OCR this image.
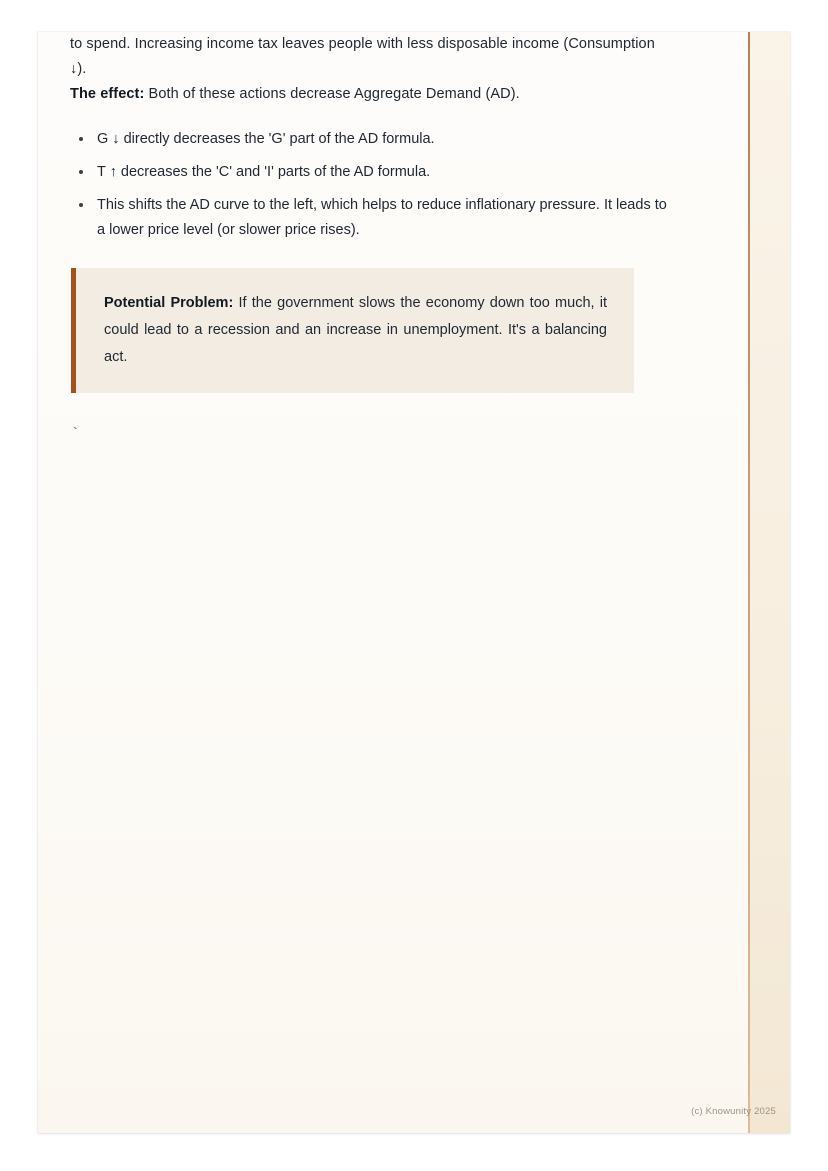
to spend. Increasing income tax leaves people with less disposable income (Consumption ↓).

The effect: Both of these actions decrease Aggregate Demand (AD).

G ↓ directly decreases the 'G' part of the AD formula.
T ↑ decreases the 'C' and 'I' parts of the AD formula.
This shifts the AD curve to the left, which helps to reduce inflationary pressure. It leads to a lower price level (or slower price rises).

Potential Problem: If the government slows the economy down too much, it could lead to a recession and an increase in unemployment. It's a balancing act.

`
(c) Knowunity 2025
